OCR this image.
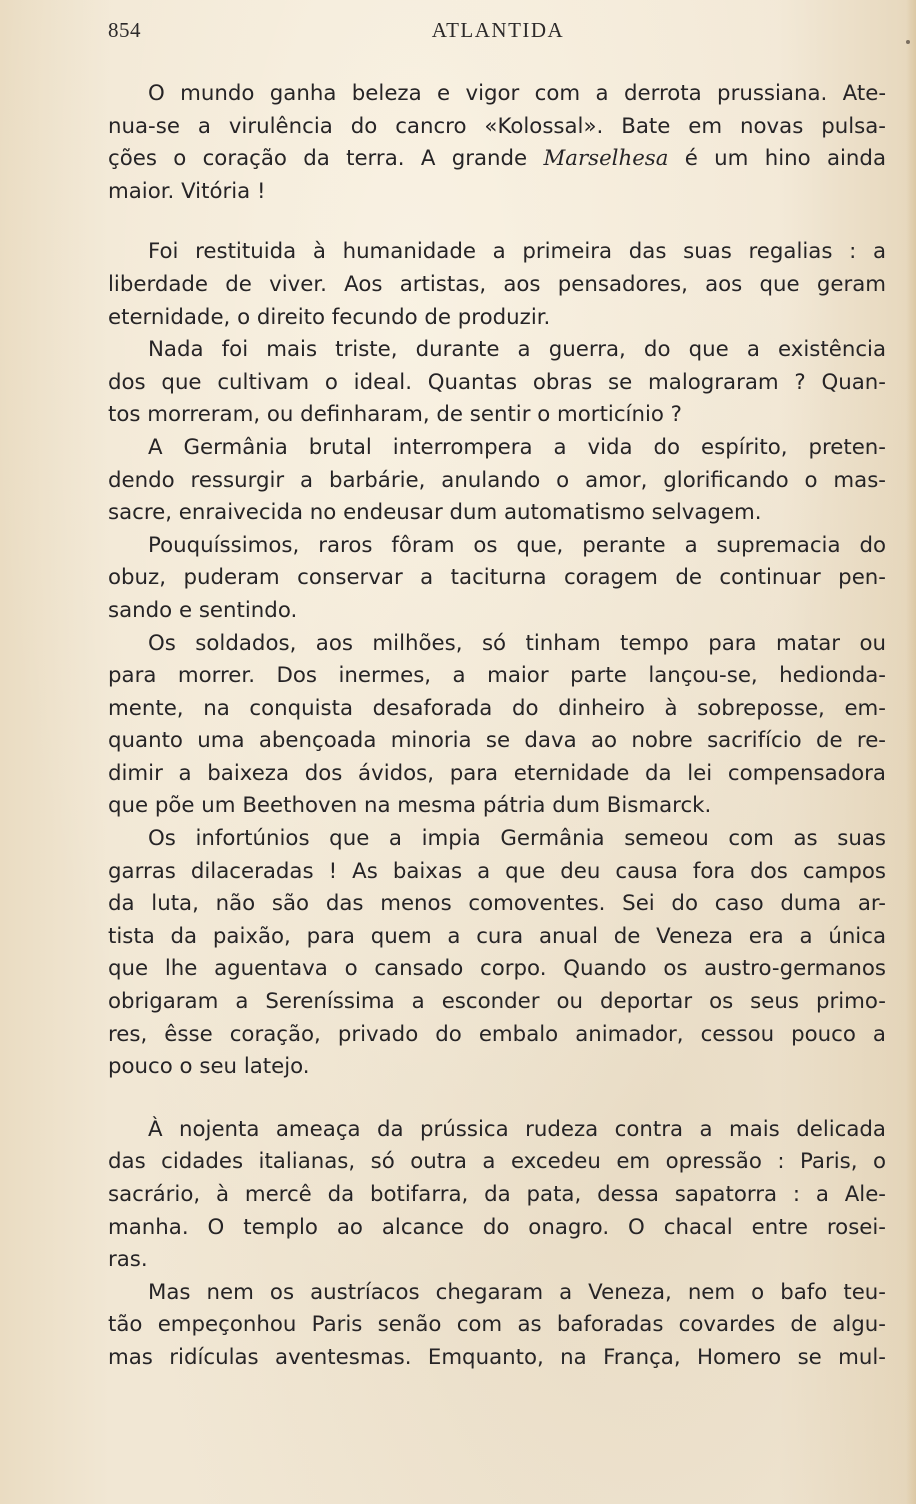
854	ATLANTIDA

O mundo ganha beleza e vigor com a derrota prussiana. Ate-
nua-se a virulência do cancro «Kolossal». Bate em novas pulsa-
ções o coração da terra. A grande Marselhesa é um hino ainda
maior. Vitória !

Foi restituida à humanidade a primeira das suas regalias : a
liberdade de viver. Aos artistas, aos pensadores, aos que geram
eternidade, o direito fecundo de produzir.

Nada foi mais triste, durante a guerra, do que a existência
dos que cultivam o ideal. Quantas obras se malograram ? Quan-
tos morreram, ou definharam, de sentir o morticínio ?

A Germânia brutal interrompera a vida do espírito, preten-
dendo ressurgir a barbárie, anulando o amor, glorificando o mas-
sacre, enraivecida no endeusar dum automatismo selvagem.

Pouquíssimos, raros fôram os que, perante a supremacia do
obuz, puderam conservar a taciturna coragem de continuar pen-
sando e sentindo.

Os soldados, aos milhões, só tinham tempo para matar ou
para morrer. Dos inermes, a maior parte lançou-se, hedionda-
mente, na conquista desaforada do dinheiro à sobreposse, em-
quanto uma abençoada minoria se dava ao nobre sacrifício de re-
dimir a baixeza dos ávidos, para eternidade da lei compensadora
que põe um Beethoven na mesma pátria dum Bismarck.

Os infortúnios que a impia Germânia semeou com as suas
garras dilaceradas ! As baixas a que deu causa fora dos campos
da luta, não são das menos comoventes. Sei do caso duma ar-
tista da paixão, para quem a cura anual de Veneza era a única
que lhe aguentava o cansado corpo. Quando os austro-germanos
obrigaram a Sereníssima a esconder ou deportar os seus primo-
res, êsse coração, privado do embalo animador, cessou pouco a
pouco o seu latejo.

À nojenta ameaça da prússica rudeza contra a mais delicada
das cidades italianas, só outra a excedeu em opressão : Paris, o
sacrário, à mercê da botifarra, da pata, dessa sapatorra : a Ale-
manha. O templo ao alcance do onagro. O chacal entre rosei-
ras.

Mas nem os austríacos chegaram a Veneza, nem o bafo teu-
tão empeçonhou Paris senão com as baforadas covardes de algu-
mas ridículas aventesmas. Emquanto, na França, Homero se mul-
